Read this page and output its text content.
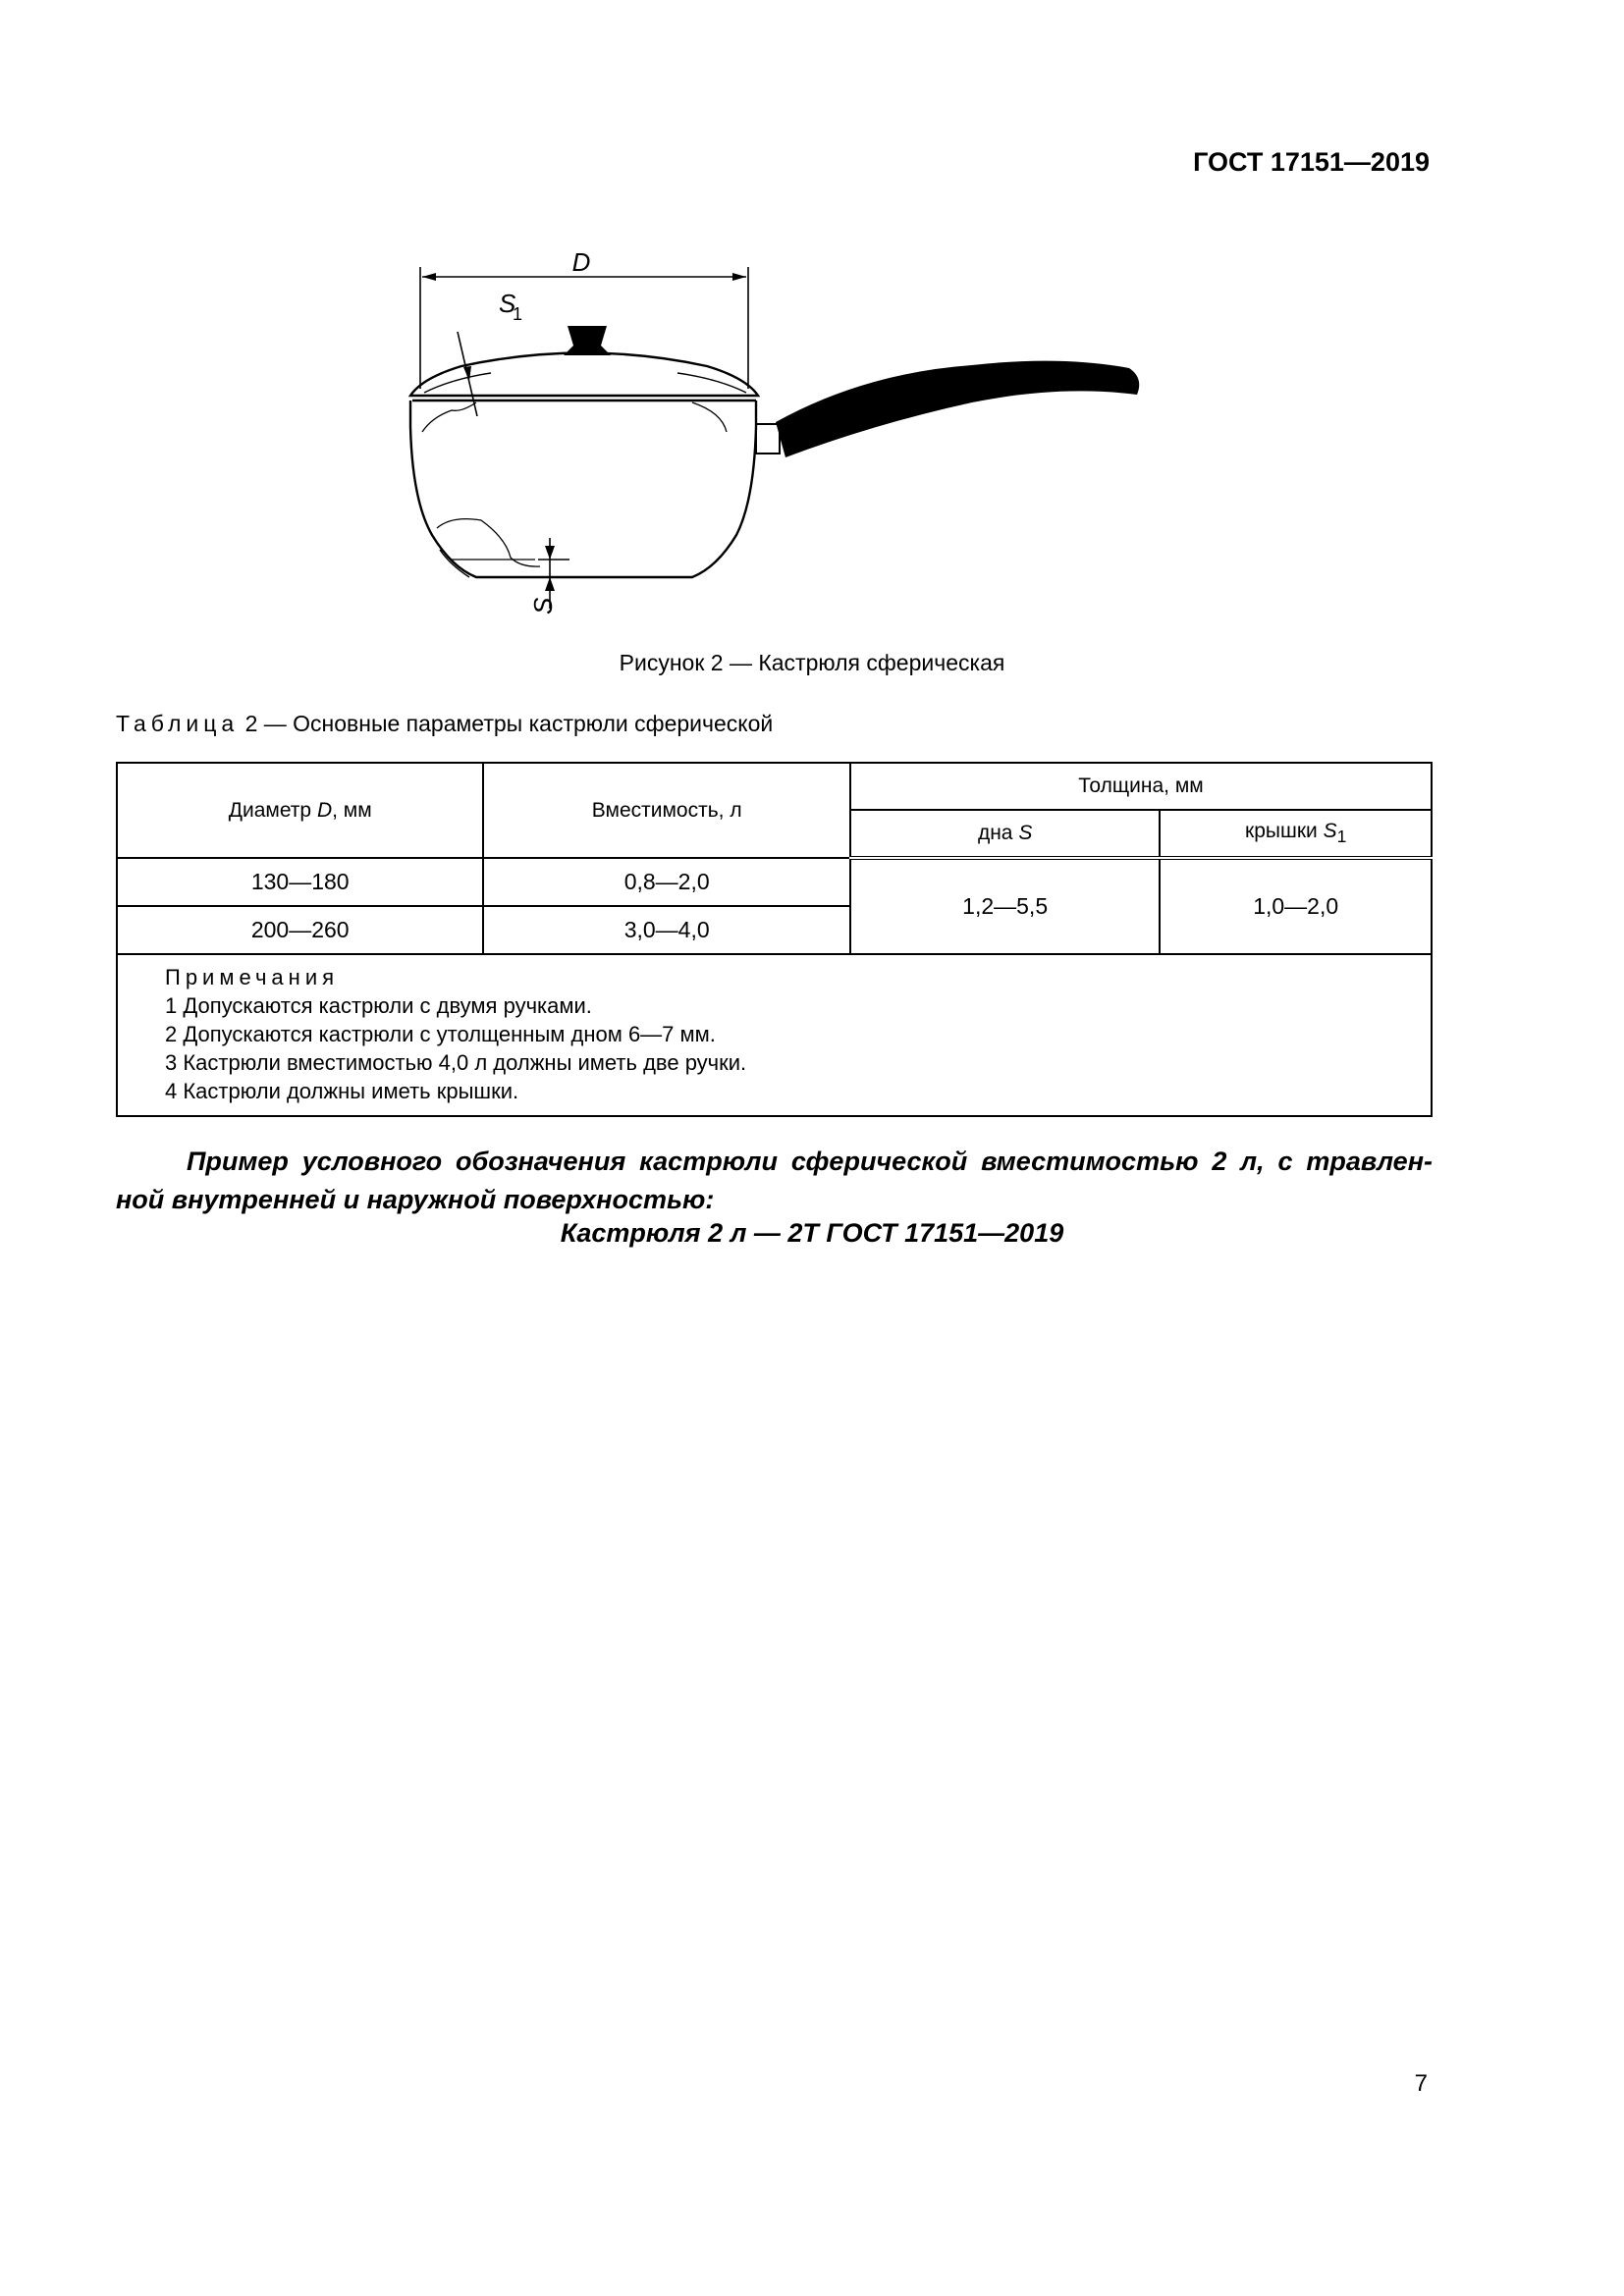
ГОСТ 17151—2019
D
S
1
S
Рисунок 2 — Кастрюля сферическая
Таблица 2 — Основные параметры кастрюли сферической
Диаметр D, мм	Вместимость, л	Толщина, мм	
		дна S	крышки $S_1$
130—180	0,8—2,0	1,2—5,5	1,0—2,0
200—260	3,0—4,0		

Примечания
1 Допускаются кастрюли с двумя ручками.
2 Допускаются кастрюли с утолщенным дном 6—7 мм.
3 Кастрюли вместимостью 4,0 л должны иметь две ручки.
4 Кастрюли должны иметь крышки.			
Пример условного обозначения кастрюли сферической вместимостью 2 л, с травлен-
ной внутренней и наружной поверхностью:
Кастрюля 2 л — 2Т ГОСТ 17151—2019
7
